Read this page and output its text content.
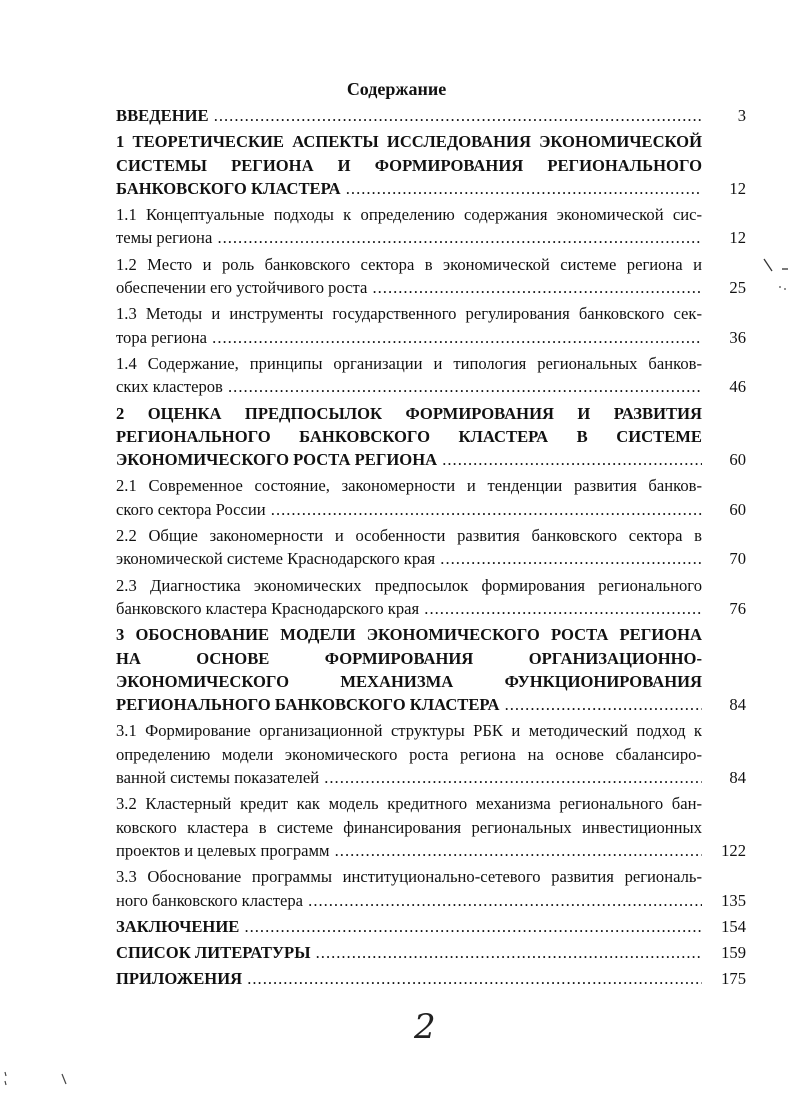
Содержание
ВВЕДЕНИЕ .....	3
1 ТЕОРЕТИЧЕСКИЕ АСПЕКТЫ ИССЛЕДОВАНИЯ ЭКОНОМИЧЕСКОЙ
СИСТЕМЫ РЕГИОНА И ФОРМИРОВАНИЯ РЕГИОНАЛЬНОГО
БАНКОВСКОГО КЛАСТЕРА .....	12
1.1 Концептуальные подходы к определению содержания экономической сис-
темы региона .....	12
1.2 Место и роль банковского сектора в экономической системе региона и
обеспечении его устойчивого роста .....	25
1.3 Методы и инструменты государственного регулирования банковского сек-
тора региона .....	36
1.4 Содержание, принципы организации и типология региональных банков-
ских кластеров .....	46
2 ОЦЕНКА ПРЕДПОСЫЛОК ФОРМИРОВАНИЯ И РАЗВИТИЯ
РЕГИОНАЛЬНОГО БАНКОВСКОГО КЛАСТЕРА В СИСТЕМЕ
ЭКОНОМИЧЕСКОГО РОСТА РЕГИОНА .....	60
2.1 Современное состояние, закономерности и тенденции развития банков-
ского сектора России .....	60
2.2 Общие закономерности и особенности развития банковского сектора в
экономической системе Краснодарского края .....	70
2.3 Диагностика экономических предпосылок формирования регионального
банковского кластера Краснодарского края .....	76
3 ОБОСНОВАНИЕ МОДЕЛИ ЭКОНОМИЧЕСКОГО РОСТА РЕГИОНА
НА ОСНОВЕ ФОРМИРОВАНИЯ ОРГАНИЗАЦИОННО-
ЭКОНОМИЧЕСКОГО МЕХАНИЗМА ФУНКЦИОНИРОВАНИЯ
РЕГИОНАЛЬНОГО БАНКОВСКОГО КЛАСТЕРА .....	84
3.1 Формирование организационной структуры РБК и методический подход к
определению модели экономического роста региона на основе сбалансиро-
ванной системы показателей .....	84
3.2 Кластерный кредит как модель кредитного механизма регионального бан-
ковского кластера в системе финансирования региональных инвестиционных
проектов и целевых программ .....	122
3.3 Обоснование программы институционально-сетевого развития региональ-
ного банковского кластера .....	135
ЗАКЛЮЧЕНИЕ .....	154
СПИСОК ЛИТЕРАТУРЫ .....	159
ПРИЛОЖЕНИЯ .....	175
2
